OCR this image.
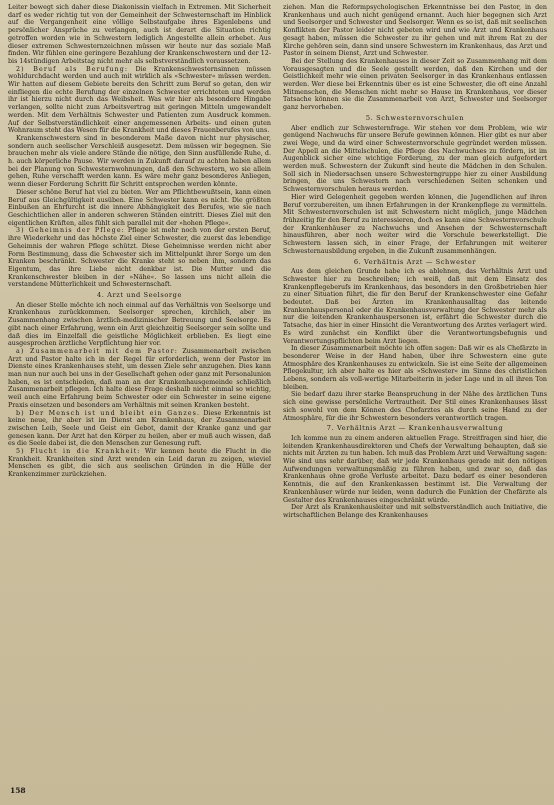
Leiter bewegt sich daher diese Diakonissin vielfach in Extremen. Mit Sicherheit darf es weder richtig tut von der Gemeinheit der Schwesternschaft im Hinblick auf die Vergangenheit eine völlige Selbstaufgabe ihres Eigenlebens und persönlicher Ansprüche zu verlangen, auch ist derart die Situation richtig getroffen worden wie in Schwestern lediglich Angestellte allein erhebet. Aus dieser extremen Schwesternzeichnen müssen wir heute nur das soziale Maß finden. Wir fühlen eine geringere Bezahlung der Krankenschwestern und der 12- bis 14stündigen Arbeitstag nicht mehr als selbstverständlich voraussetzen.

2) Beruf als Berufung: Die Krankenschwesternsinnen müssen wohldurchdacht werden und auch mit wirklich als »Schwester« müssen werden. Wir hatten auf diesem Gebiete bereits den Schritt zum Beruf so getan, den wir einfliegen die echte Berufung der einzelnen Schwester errichteten und werden ihr ist hierzu nicht durch das Weibsheit. Was wir hier als besondere Hingabe verlangen, sollte nicht zum Arbeitsvertrag mit geringen Mitteln umgewandelt werden. Mit dem Verhältnis Schwester und Patienten zum Ausdruck kommen. Auf der Selbstverständlichkeit einer angemessenen Arbeits- und einen guten Wohnraum steht das Wesen für die Krankheit und dieses Frauenberufes von uns.

Krankenschwestern sind in besonderem Maße davon nicht nur physischer, sondern auch seelischer Verschleiß ausgesetzt. Dem müssen wir begegnen. Sie brauchen mehr als viele andere Stände die nötige, den Sinn ausfüllende Ruhe, d. h. auch körperliche Pause. Wir werden in Zukunft darauf zu achten haben allem bei der Planung von Schwesternwohnungen, daß den Schwestern, wo sie allein gehen, Ruhe verschafft werden kann. Es wäre mehr ganz besonderes Anliegen, wenn dieser Forderung Schritt für Schritt entsprochen werden könnte.

Dieser schöne Beruf hat viel zu bieten. Wer am Pflichtbewußtsein, kann einen Beruf aus Gleichgültigkeit ausüben. Eine Schwester kann es nicht. Die größten Einbußen an Ehrfurcht ist die innere Abhängigkeit des Berufes, wie sie nach Geschichtlichen aller in anderen schweren Ständen eintritt. Dieses Ziel mit den eigentlichen Kräften, alles fühlt sich parallel mit der »hohen Pflege«.

3) Geheimnis der Pflege: Pflege ist mehr noch von der ersten Beruf, ihre Wiederkehr und das höchste Ziel einer Schwester, die zuerst das lebendige Geheimnis der wahren Pflege schützt. Diese Geheimnisse werden nicht aber Form Bestimmung, dass die Schwester sich im Mittelpunkt ihrer Sorge um den Kranken beschränkt. Schwester die Kranke steht so neben ihm, sondern das Eigentum, das ihre Liebe nicht denkbar ist. Die Mutter und die Krankenschwester bleiben in der »Nähe«. So lassen uns nicht allein die verstandene Mütterlichkeit und Schwesternschaft.

4. Arzt und Seelsorge

An dieser Stelle möchte ich noch einmal auf das Verhältnis von Seelsorge und Krankenhaus zurückkommen. Seelsorger sprechen, kirchlich, aber im Zusammenhang zwischen ärztlich-medizinischer Betreuung und Seelsorge. Es gibt nach einer Erfahrung, wenn ein Arzt gleichzeitig Seelsorger sein sollte und daß dies im Einzelfall die geistliche Möglichkeit erblieben. Es liegt eine ausgesprochen ärztliche Verpflichtung hier vor.

a) Zusammenarbeit mit dem Pastor: Zusammenarbeit zwischen Arzt und Pastor halte ich in der Regel für erforderlich, wenn der Pastor im Dienste eines Krankenhauses steht, um dessen Ziele sehr anzugehen. Dies kann man nun nur auch bei uns in der Gesellschaft gehen oder ganz mit Personalunion haben, es ist entschieden, daß man an der Krankenhausgemeinde schließlich Zusammenarbeit pflegen. Ich halte diese Frage deshalb nicht einmal so wichtig, weil auch eine Erfahrung beim Schwester oder ein Schwester in seine eigene Praxis einsetzen und besonders am Verhältnis mit seinen Kranken besteht.

b) Der Mensch ist und bleibt ein Ganzes. Diese Erkenntnis ist keine neue, ihr aber ist im Dienst am Krankenhaus, der Zusammenarbeit zwischen Leib, Seele und Geist ein Gebot, damit der Kranke ganz und gar genesen kann. Der Arzt hat den Körper zu heilen, aber er muß auch wissen, daß es die Seele dabei ist, die den Menschen zur Genesung ruft.

5) Flucht in die Krankheit: Wir kennen heute die Flucht in die Krankheit. Krankheiten sind Arzt wenden ein Leid daran zu zeigen, wieviel Menschen es gibt, die sich aus seelischen Gründen in die Hülle der Krankenzimmer zurückziehen.

ziehen. Man die Reformpsychologischen Erkenntnisse bei den Pastor, in den Krankenhaus und auch nicht genügend ernannt. Auch hier begegnen sich Arzt und Seelsorger und Schwester und Seelsorger. Wenn es so ist, daß mit seelischen Konflikten der Pastor leider nicht gebeten wird und wie Arzt und Krankenhaus gesagt haben, müssen die Schwester zu ihr gehen und mit ihrem Rat zu der Kirche gehören sein, dann sind unsere Schwestern im Krankenhaus, das Arzt und Pastor in seinem Dienst, Arzt und Schwester.

Bei der Stellung des Krankenhauses in dieser Zeit so Zusammenhang mit dem Vorausgesagten und die Seele gestellt werden, daß den Kirchen und der Geistlichkeit mehr wie einen privaten Seelsorger in das Krankenhaus entlassen werden. Wer diese bei Erkenntnis über es ist eine Schwester, die oft eine Anzahl Mitmenschen, die Menschen nicht mehr so Hause im Krankenhaus, vor dieser Tatsache können sie die Zusammenarbeit von Arzt, Schwester und Seelsorger ganz hervorheben.

5. Schwesternvorschulen

Aber endlich zur Schwesternfrage. Wir stehen vor dem Problem, wie wir genügend Nachwuchs für unsere Berufe gewinnen können. Hier gibt es nur aber zwei Wege, und da wird einer Schwesternvorschule gegründet werden müssen. Der Appell an die Mittelschulen, die Pflege des Nachwuchses zu fördern, ist im Augenblick sicher eine wichtige Forderung, zu der man gleich aufgefordert werden muß. Schwestern der Zukunft sind heute die Mädchen in den Schulen. Soll sich in Niedersachsen unsere Schwesterngruppe hier zu einer Ausbildung bringen, die uns Schwestern nach verschiedenen Seiten schenken und Schwesternvorschulen heraus werden.

Hier wird Gelegenheit gegeben werden können, die Jugendlichen auf ihren Beruf vorzubereiten, um ihnen Erfahrungen in der Krankenpflege zu vermitteln. Mit Schwesternvorschulen ist mit Schwestern nicht möglich, junge Mädchen frühzeitig für den Beruf zu interessieren, doch es kann eine Schwesternvorschule der Krankenhäuser zu Nachwuchs und Ansehen der Schwesternschaft hinausführen, aber noch weiter wird die Vorschule bewerkstelligt. Die Schwestern lassen sich, in einer Frage, der Erfahrungen mit weiterer Schwesternausbildung ergeben, in die Zukunft zusammenhängen.

6. Verhältnis Arzt — Schwester

Aus dem gleichen Grunde habe ich es ablehnen, das Verhältnis Arzt und Schwester hier zu beschreiben; ich weiß, daß mit dem Einsatz des Krankenpflegeberufs im Krankenhaus, das besonders in den Großbetrieben hier zu einer Situation führt, die für den Beruf der Krankenschwester eine Gefahr bedeutet. Daß bei Ärzten im Krankenhausalltag das leitende Krankenhauspersonal oder die Krankenhausverwaltung der Schwester mehr als nur die leitenden Krankenhauspersonen ist, erfährt die Schwester durch die Tatsache, das hier in einer Hinsicht die Verantwortung des Arztes verlagert wird. Es wird zunächst ein Konflikt über die Verantwortungsbefugnis und Verantwortungspflichten beim Arzt liegen.

In dieser Zusammenarbeit möchte ich offen sagen: Daß wir es als Chefärzte in besonderer Weise in der Hand haben, über ihre Schwestern eine gute Atmosphäre des Krankenhauses zu entwickeln. Sie ist eine Seite der allgemeinen Pflegekultur, ich aber halte es hier als »Schwester« im Sinne des christlichen Lebens, sondern als voll-wertige Mitarbeiterin in jeder Lage und in all ihren Ton bleiben.

Sie bedarf dazu ihrer starke Beanspruchung in der Nähe des ärztlichen Tuns sich eine gewisse persönliche Vertrautheit. Der Stil eines Krankenhauses lässt sich sowohl von dem Können des Chefarztes als durch seine Hand zu der Atmosphäre, für die ihr Schwestern besonders verantwortlich tragen.

7. Verhältnis Arzt — Krankenhausverwaltung

Ich komme nun zu einem anderen aktuellen Frage. Streitfragen sind hier, die leitenden Krankenhausdirektoren und Chefs der Verwaltung behaupten, daß sie nichts mit Ärzten zu tun haben. Ich muß das Problem Arzt und Verwaltung sagen: Wie sind uns sehr darüber, daß wir jede Krankenhaus gerade mit den nötigen Aufwendungen verwaltungsmäßig zu führen haben, und zwar so, daß das Krankenhaus ohne große Verluste arbeitet. Dazu bedarf es einer besonderen Kenntnis, die auf den Krankenkassen bestimmt ist. Die Verwaltung der Krankenhäuser würde nur leiden, wenn dadurch die Funktion der Chefärzte als Gestalter des Krankenhauses eingeschränkt würde.

Der Arzt als Krankenhausleiter und mit selbstverständlich auch Initiative, die wirtschaftlichen Belange des Krankenhauses

158
